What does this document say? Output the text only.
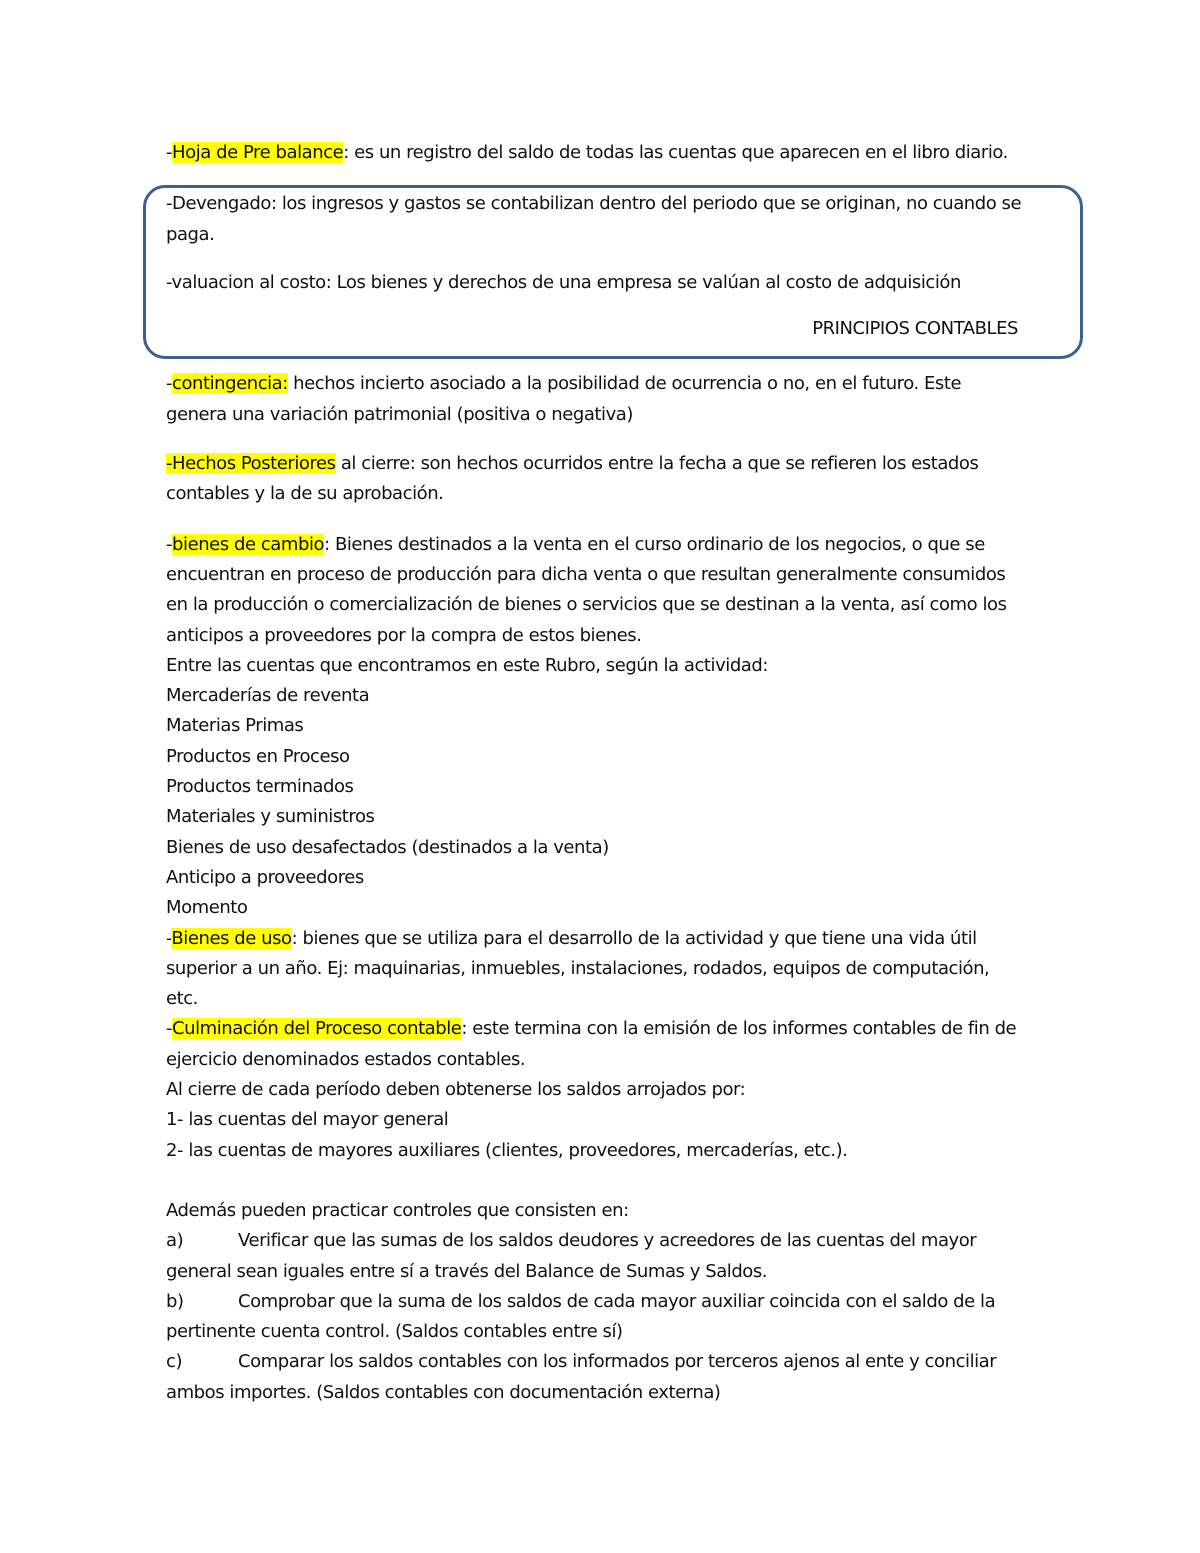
-Hoja de Pre balance: es un registro del saldo de todas las cuentas que aparecen en el libro diario.
-Devengado: los ingresos y gastos se contabilizan dentro del periodo que se originan, no cuando se
paga.
-valuacion al costo: Los bienes y derechos de una empresa se valúan al costo de adquisición
PRINCIPIOS CONTABLES
-contingencia: hechos incierto asociado a la posibilidad de ocurrencia o no, en el futuro. Este
genera una variación patrimonial (positiva o negativa)
-Hechos Posteriores al cierre: son hechos ocurridos entre la fecha a que se refieren los estados
contables y la de su aprobación.
-bienes de cambio: Bienes destinados a la venta en el curso ordinario de los negocios, o que se
encuentran en proceso de producción para dicha venta o que resultan generalmente consumidos
en la producción o comercialización de bienes o servicios que se destinan a la venta, así como los
anticipos a proveedores por la compra de estos bienes.
Entre las cuentas que encontramos en este Rubro, según la actividad:
Mercaderías de reventa
Materias Primas
Productos en Proceso
Productos terminados
Materiales y suministros
Bienes de uso desafectados (destinados a la venta)
Anticipo a proveedores
Momento
-Bienes de uso: bienes que se utiliza para el desarrollo de la actividad y que tiene una vida útil
superior a un año. Ej: maquinarias, inmuebles, instalaciones, rodados, equipos de computación,
etc.
-Culminación del Proceso contable: este termina con la emisión de los informes contables de fin de
ejercicio denominados estados contables.
Al cierre de cada período deben obtenerse los saldos arrojados por:
1- las cuentas del mayor general
2- las cuentas de mayores auxiliares (clientes, proveedores, mercaderías, etc.).
Además pueden practicar controles que consisten en:
a)	Verificar que las sumas de los saldos deudores y acreedores de las cuentas del mayor
general sean iguales entre sí a través del Balance de Sumas y Saldos.
b)	Comprobar que la suma de los saldos de cada mayor auxiliar coincida con el saldo de la
pertinente cuenta control. (Saldos contables entre sí)
c)	Comparar los saldos contables con los informados por terceros ajenos al ente y conciliar
ambos importes. (Saldos contables con documentación externa)
